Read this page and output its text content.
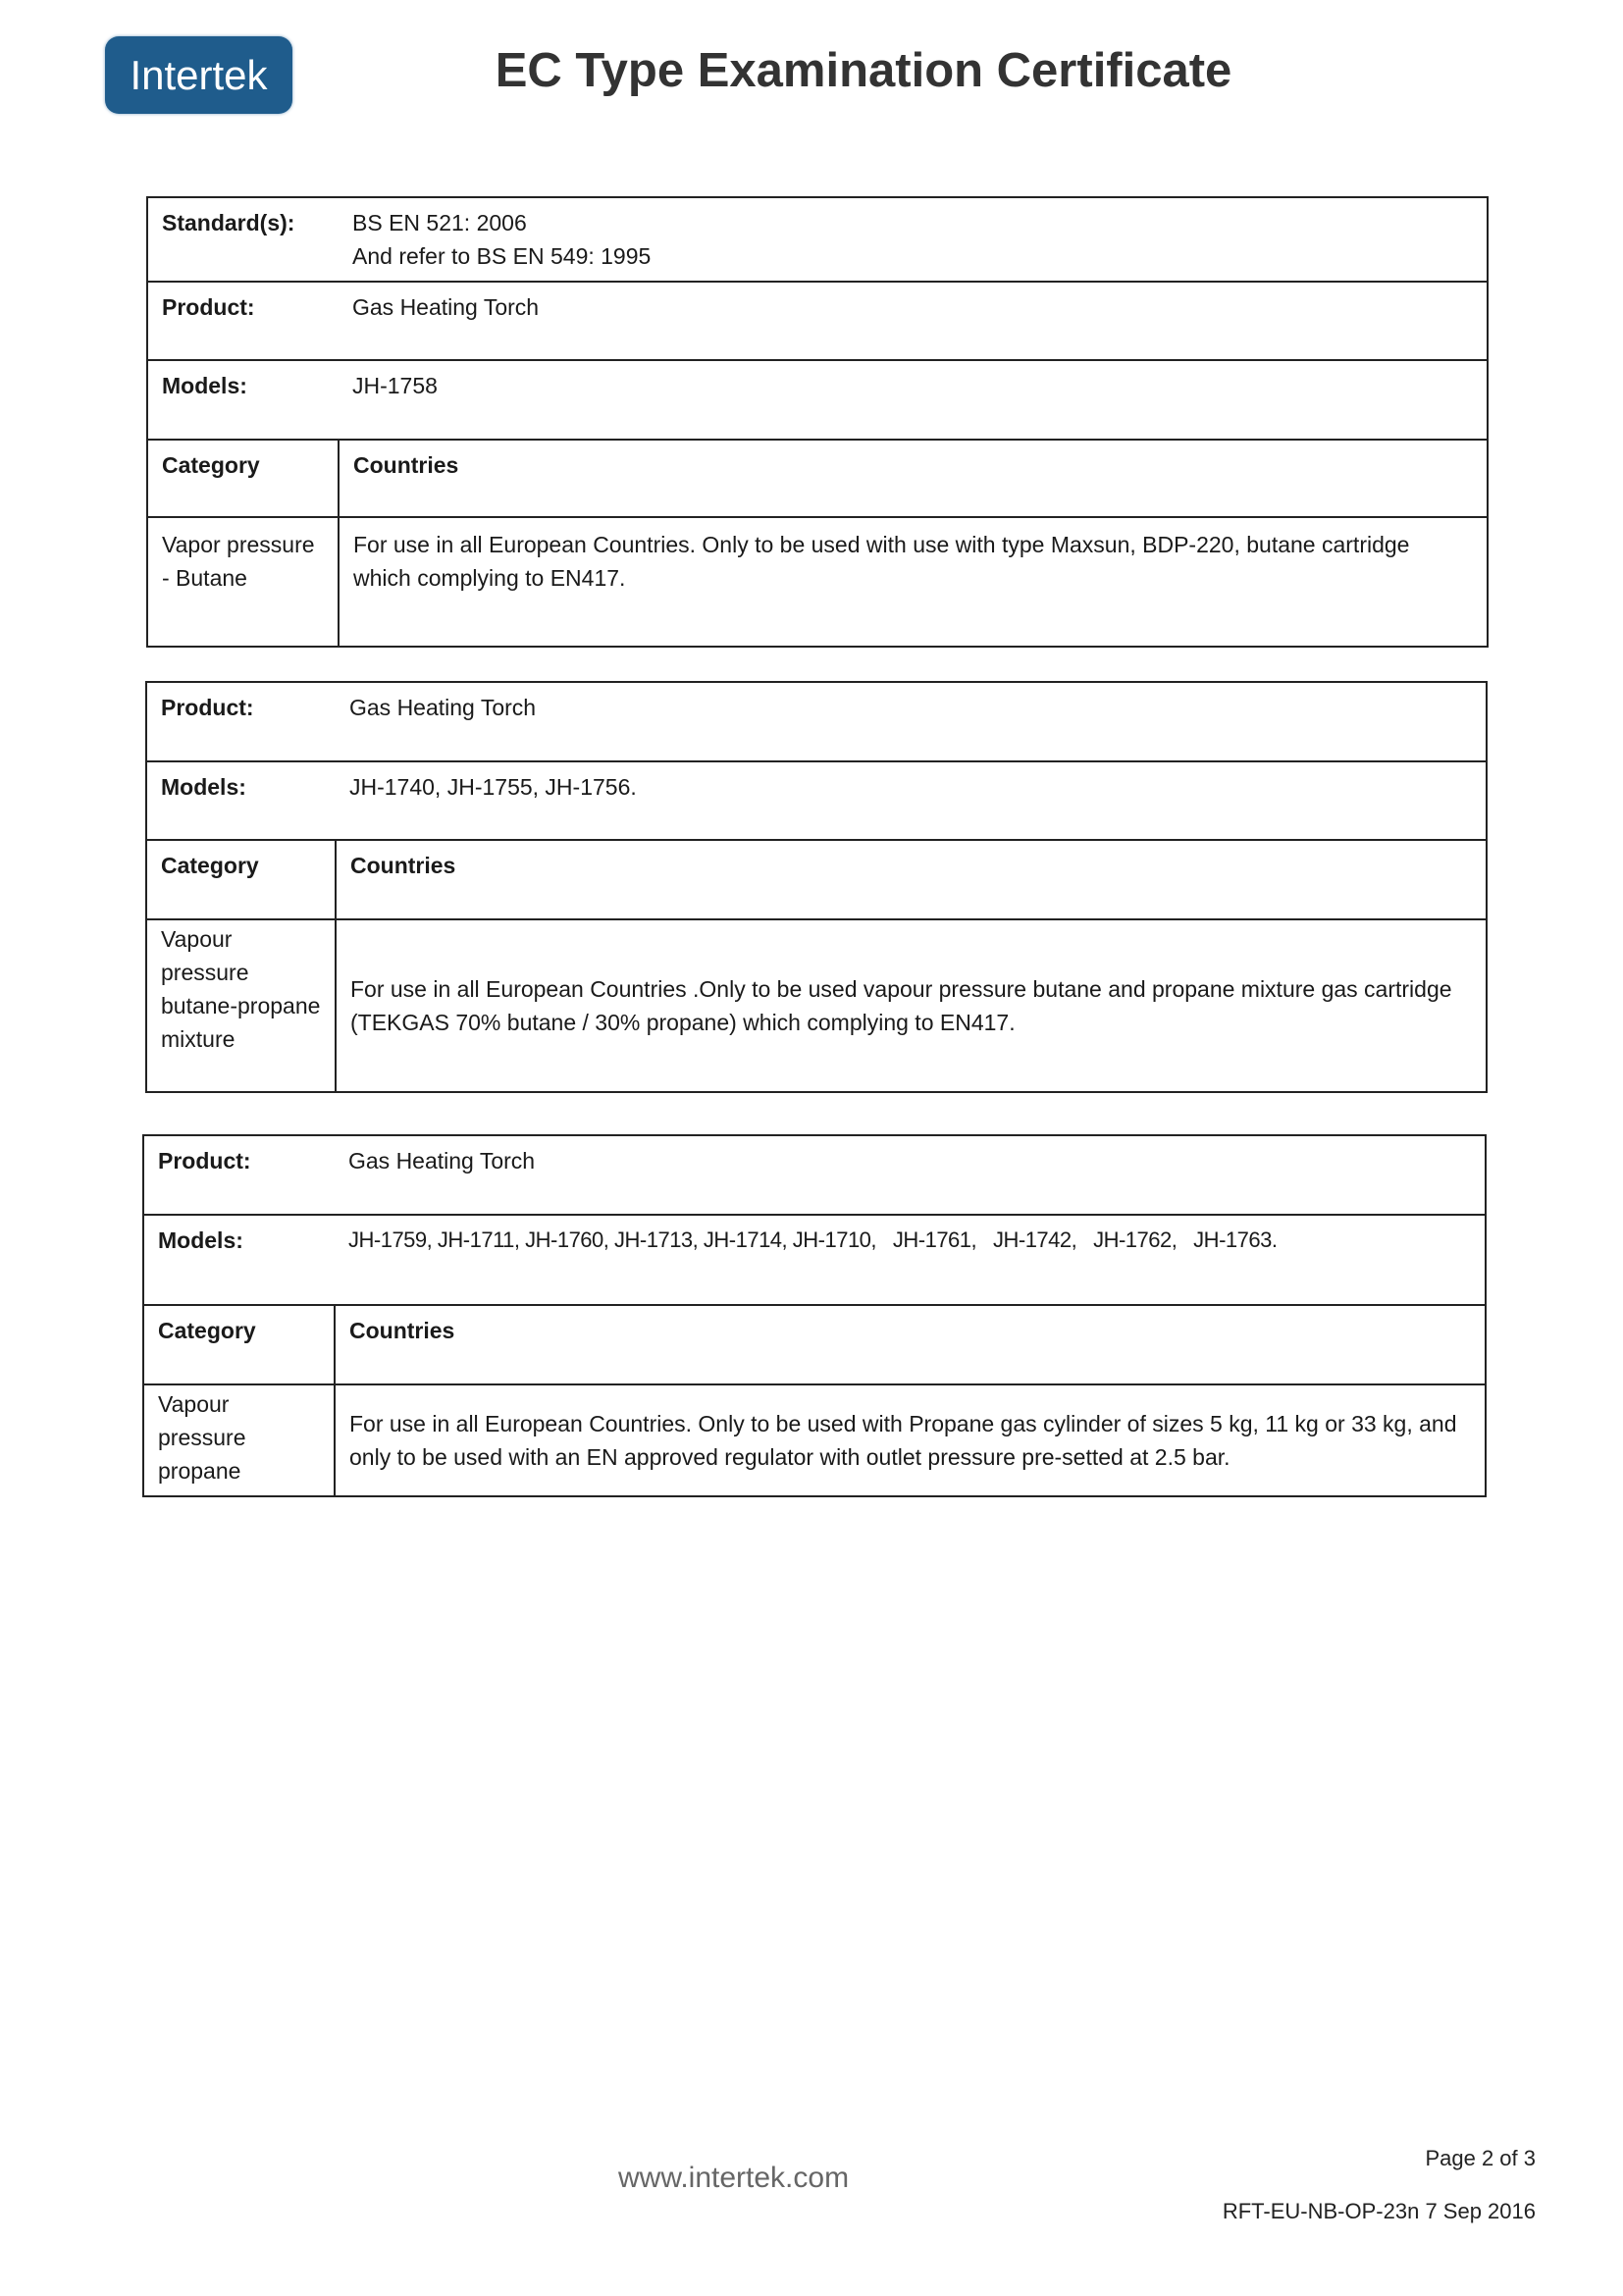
Intertek	EC Type Examination Certificate
Standard(s):	BS EN 521: 2006
And refer to BS EN 549: 1995

Product:	Gas Heating Torch
Models:	JH-1758
Category	Countries
Vapor pressure - Butane	For use in all European Countries. Only to be used with use with type Maxsun, BDP-220, butane cartridge which complying to EN417.
Product:	Gas Heating Torch
Models:	JH-1740, JH-1755, JH-1756.
Category	Countries
Vapour pressure butane-propane mixture	For use in all European Countries .Only to be used vapour pressure butane and propane mixture gas cartridge (TEKGAS 70% butane / 30% propane) which complying to EN417.
Product:	Gas Heating Torch
Models:	JH-1759, JH-1711, JH-1760, JH-1713, JH-1714, JH-1710,   JH-1761,   JH-1742,   JH-1762,   JH-1763.
Category	Countries
Vapour pressure propane	For use in all European Countries. Only to be used with Propane gas cylinder of sizes 5 kg, 11 kg or 33 kg, and only to be used with an EN approved regulator with outlet pressure pre-setted at 2.5 bar.
www.intertek.com
Page 2 of 3
RFT-EU-NB-OP-23n 7 Sep 2016
